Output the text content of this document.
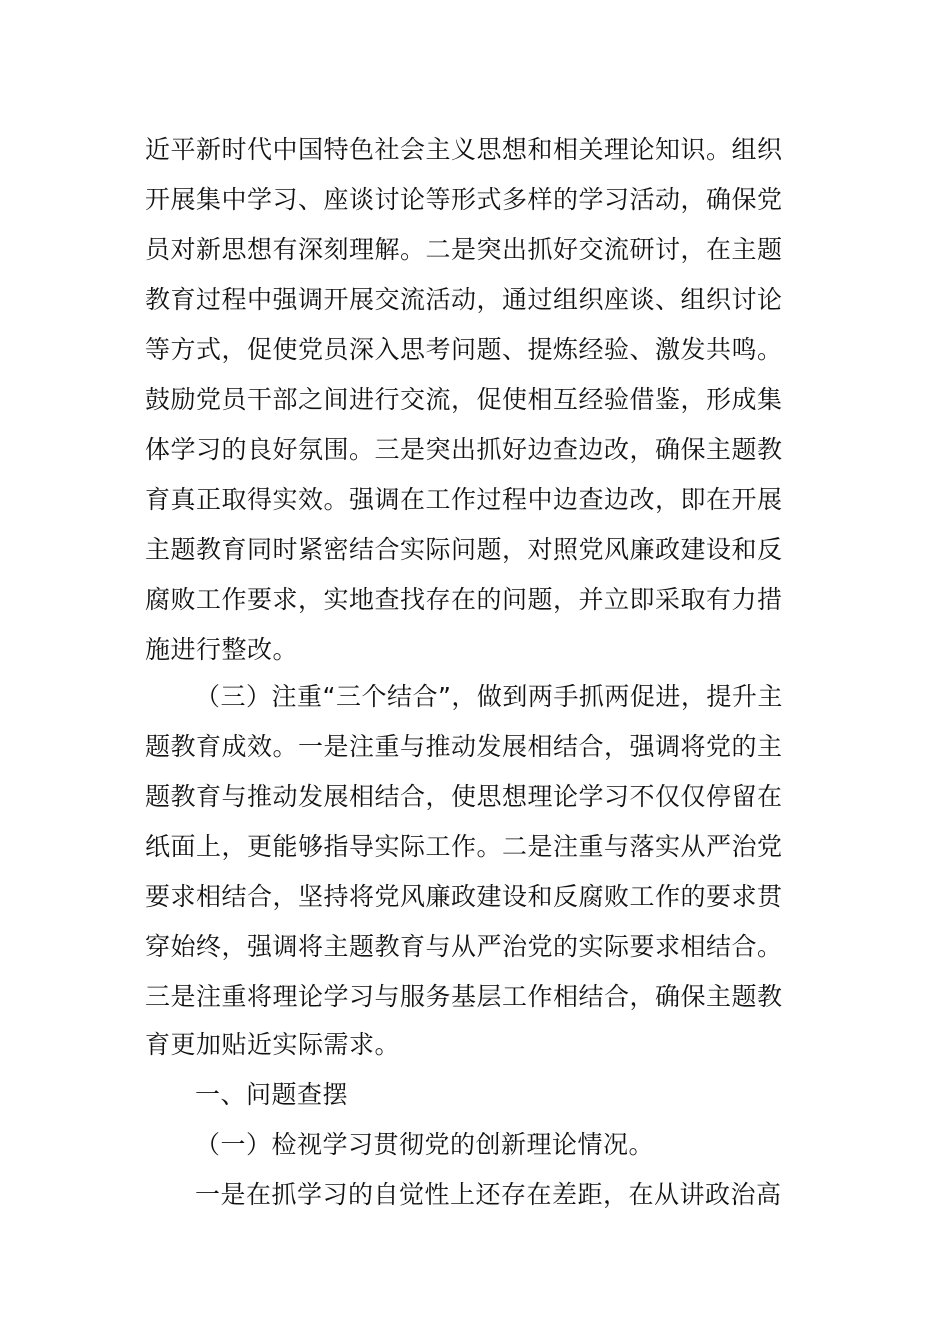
近平新时代中国特色社会主义思想和相关理论知识。组织
开展集中学习、座谈讨论等形式多样的学习活动，确保党
员对新思想有深刻理解。二是突出抓好交流研讨，在主题
教育过程中强调开展交流活动，通过组织座谈、组织讨论
等方式，促使党员深入思考问题、提炼经验、激发共鸣。
鼓励党员干部之间进行交流，促使相互经验借鉴，形成集
体学习的良好氛围。三是突出抓好边查边改，确保主题教
育真正取得实效。强调在工作过程中边查边改，即在开展
主题教育同时紧密结合实际问题，对照党风廉政建设和反
腐败工作要求，实地查找存在的问题，并立即采取有力措
施进行整改。
（三）注重“三个结合”，做到两手抓两促进，提升主
题教育成效。一是注重与推动发展相结合，强调将党的主
题教育与推动发展相结合，使思想理论学习不仅仅停留在
纸面上，更能够指导实际工作。二是注重与落实从严治党
要求相结合，坚持将党风廉政建设和反腐败工作的要求贯
穿始终，强调将主题教育与从严治党的实际要求相结合。
三是注重将理论学习与服务基层工作相结合，确保主题教
育更加贴近实际需求。
一、问题查摆
（一）检视学习贯彻党的创新理论情况。
一是在抓学习的自觉性上还存在差距，在从讲政治高
